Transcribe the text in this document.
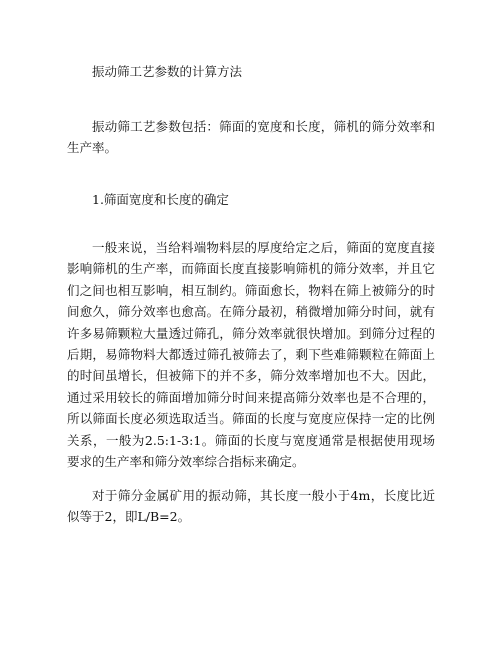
振动筛工艺参数的计算方法

振动筛工艺参数包括：筛面的宽度和长度，筛机的筛分效率和生产率。

1.筛面宽度和长度的确定

一般来说，当给料端物料层的厚度给定之后，筛面的宽度直接影响筛机的生产率，而筛面长度直接影响筛机的筛分效率，并且它们之间也相互影响，相互制约。筛面愈长，物料在筛上被筛分的时间愈久，筛分效率也愈高。在筛分最初，稍微增加筛分时间，就有许多易筛颗粒大量透过筛孔，筛分效率就很快增加。到筛分过程的后期，易筛物料大都透过筛孔被筛去了，剩下些难筛颗粒在筛面上的时间虽增长，但被筛下的并不多，筛分效率增加也不大。因此，通过采用较长的筛面增加筛分时间来提高筛分效率也是不合理的，所以筛面长度必须选取适当。筛面的长度与宽度应保持一定的比例关系，一般为2.5:1-3:1。筛面的长度与宽度通常是根据使用现场要求的生产率和筛分效率综合指标来确定。

对于筛分金属矿用的振动筛，其长度一般小于4m，长度比近似等于2，即L/B=2。
